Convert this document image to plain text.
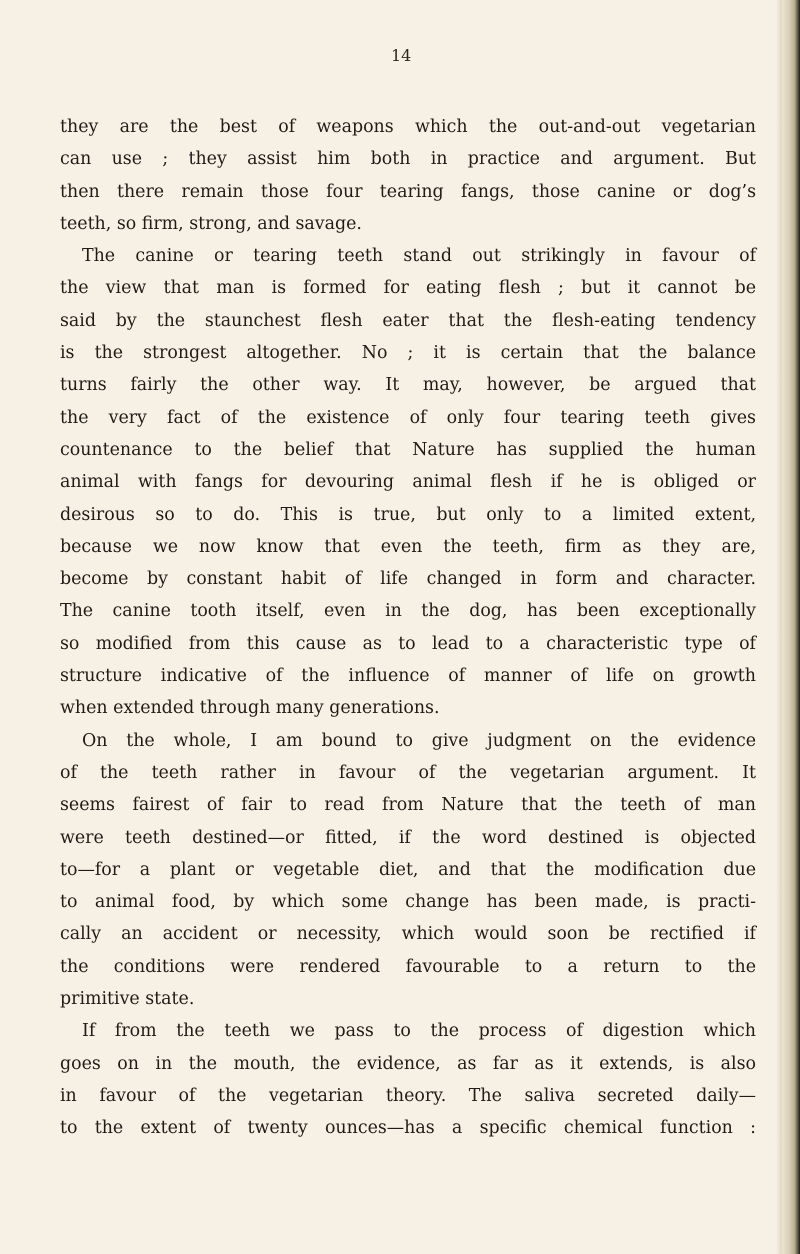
14
they are the best of weapons which the out-and-out vegetarian
can use ; they assist him both in practice and argument. But
then there remain those four tearing fangs, those canine or dog’s
teeth, so firm, strong, and savage.
The canine or tearing teeth stand out strikingly in favour of
the view that man is formed for eating flesh ; but it cannot be
said by the staunchest flesh eater that the flesh-eating tendency
is the strongest altogether. No ; it is certain that the balance
turns fairly the other way. It may, however, be argued that
the very fact of the existence of only four tearing teeth gives
countenance to the belief that Nature has supplied the human
animal with fangs for devouring animal flesh if he is obliged or
desirous so to do. This is true, but only to a limited extent,
because we now know that even the teeth, firm as they are,
become by constant habit of life changed in form and character.
The canine tooth itself, even in the dog, has been exceptionally
so modified from this cause as to lead to a characteristic type of
structure indicative of the influence of manner of life on growth
when extended through many generations.
On the whole, I am bound to give judgment on the evidence
of the teeth rather in favour of the vegetarian argument. It
seems fairest of fair to read from Nature that the teeth of man
were teeth destined—or fitted, if the word destined is objected
to—for a plant or vegetable diet, and that the modification due
to animal food, by which some change has been made, is practi-
cally an accident or necessity, which would soon be rectified if
the conditions were rendered favourable to a return to the
primitive state.
If from the teeth we pass to the process of digestion which
goes on in the mouth, the evidence, as far as it extends, is also
in favour of the vegetarian theory. The saliva secreted daily—
to the extent of twenty ounces—has a specific chemical function :
